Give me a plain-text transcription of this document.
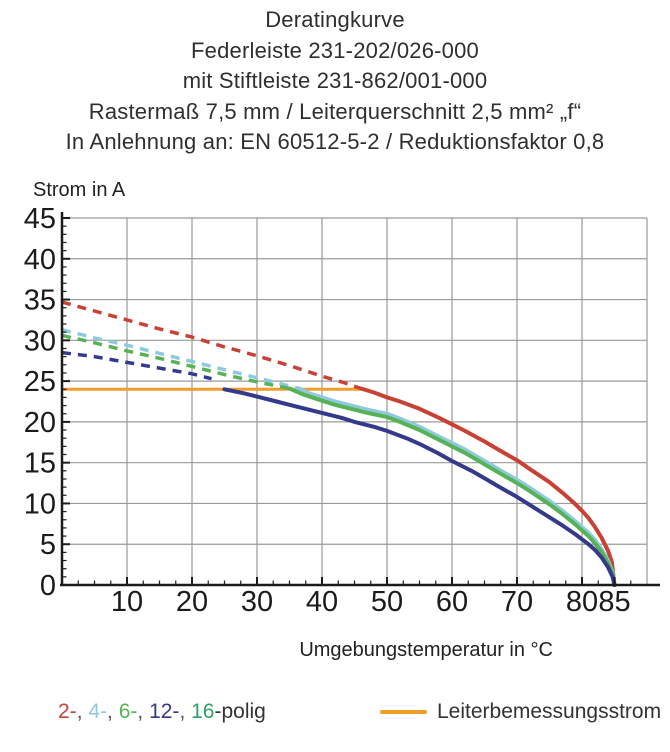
Deratingkurve
Federleiste 231-202/026-000
mit Stiftleiste 231-862/001-000
Rastermaß 7,5 mm / Leiterquerschnitt 2,5 mm² „f“
In Anlehnung an: EN 60512-5-2 / Reduktionsfaktor 0,8
0
5
10
15
20
25
30
35
40
45
10 20 30 40 50 60 70 80 85
Strom in A
Umgebungstemperatur in °C
2-, 4-, 6-, 12-, 16-polig	Leiterbemessungsstrom
